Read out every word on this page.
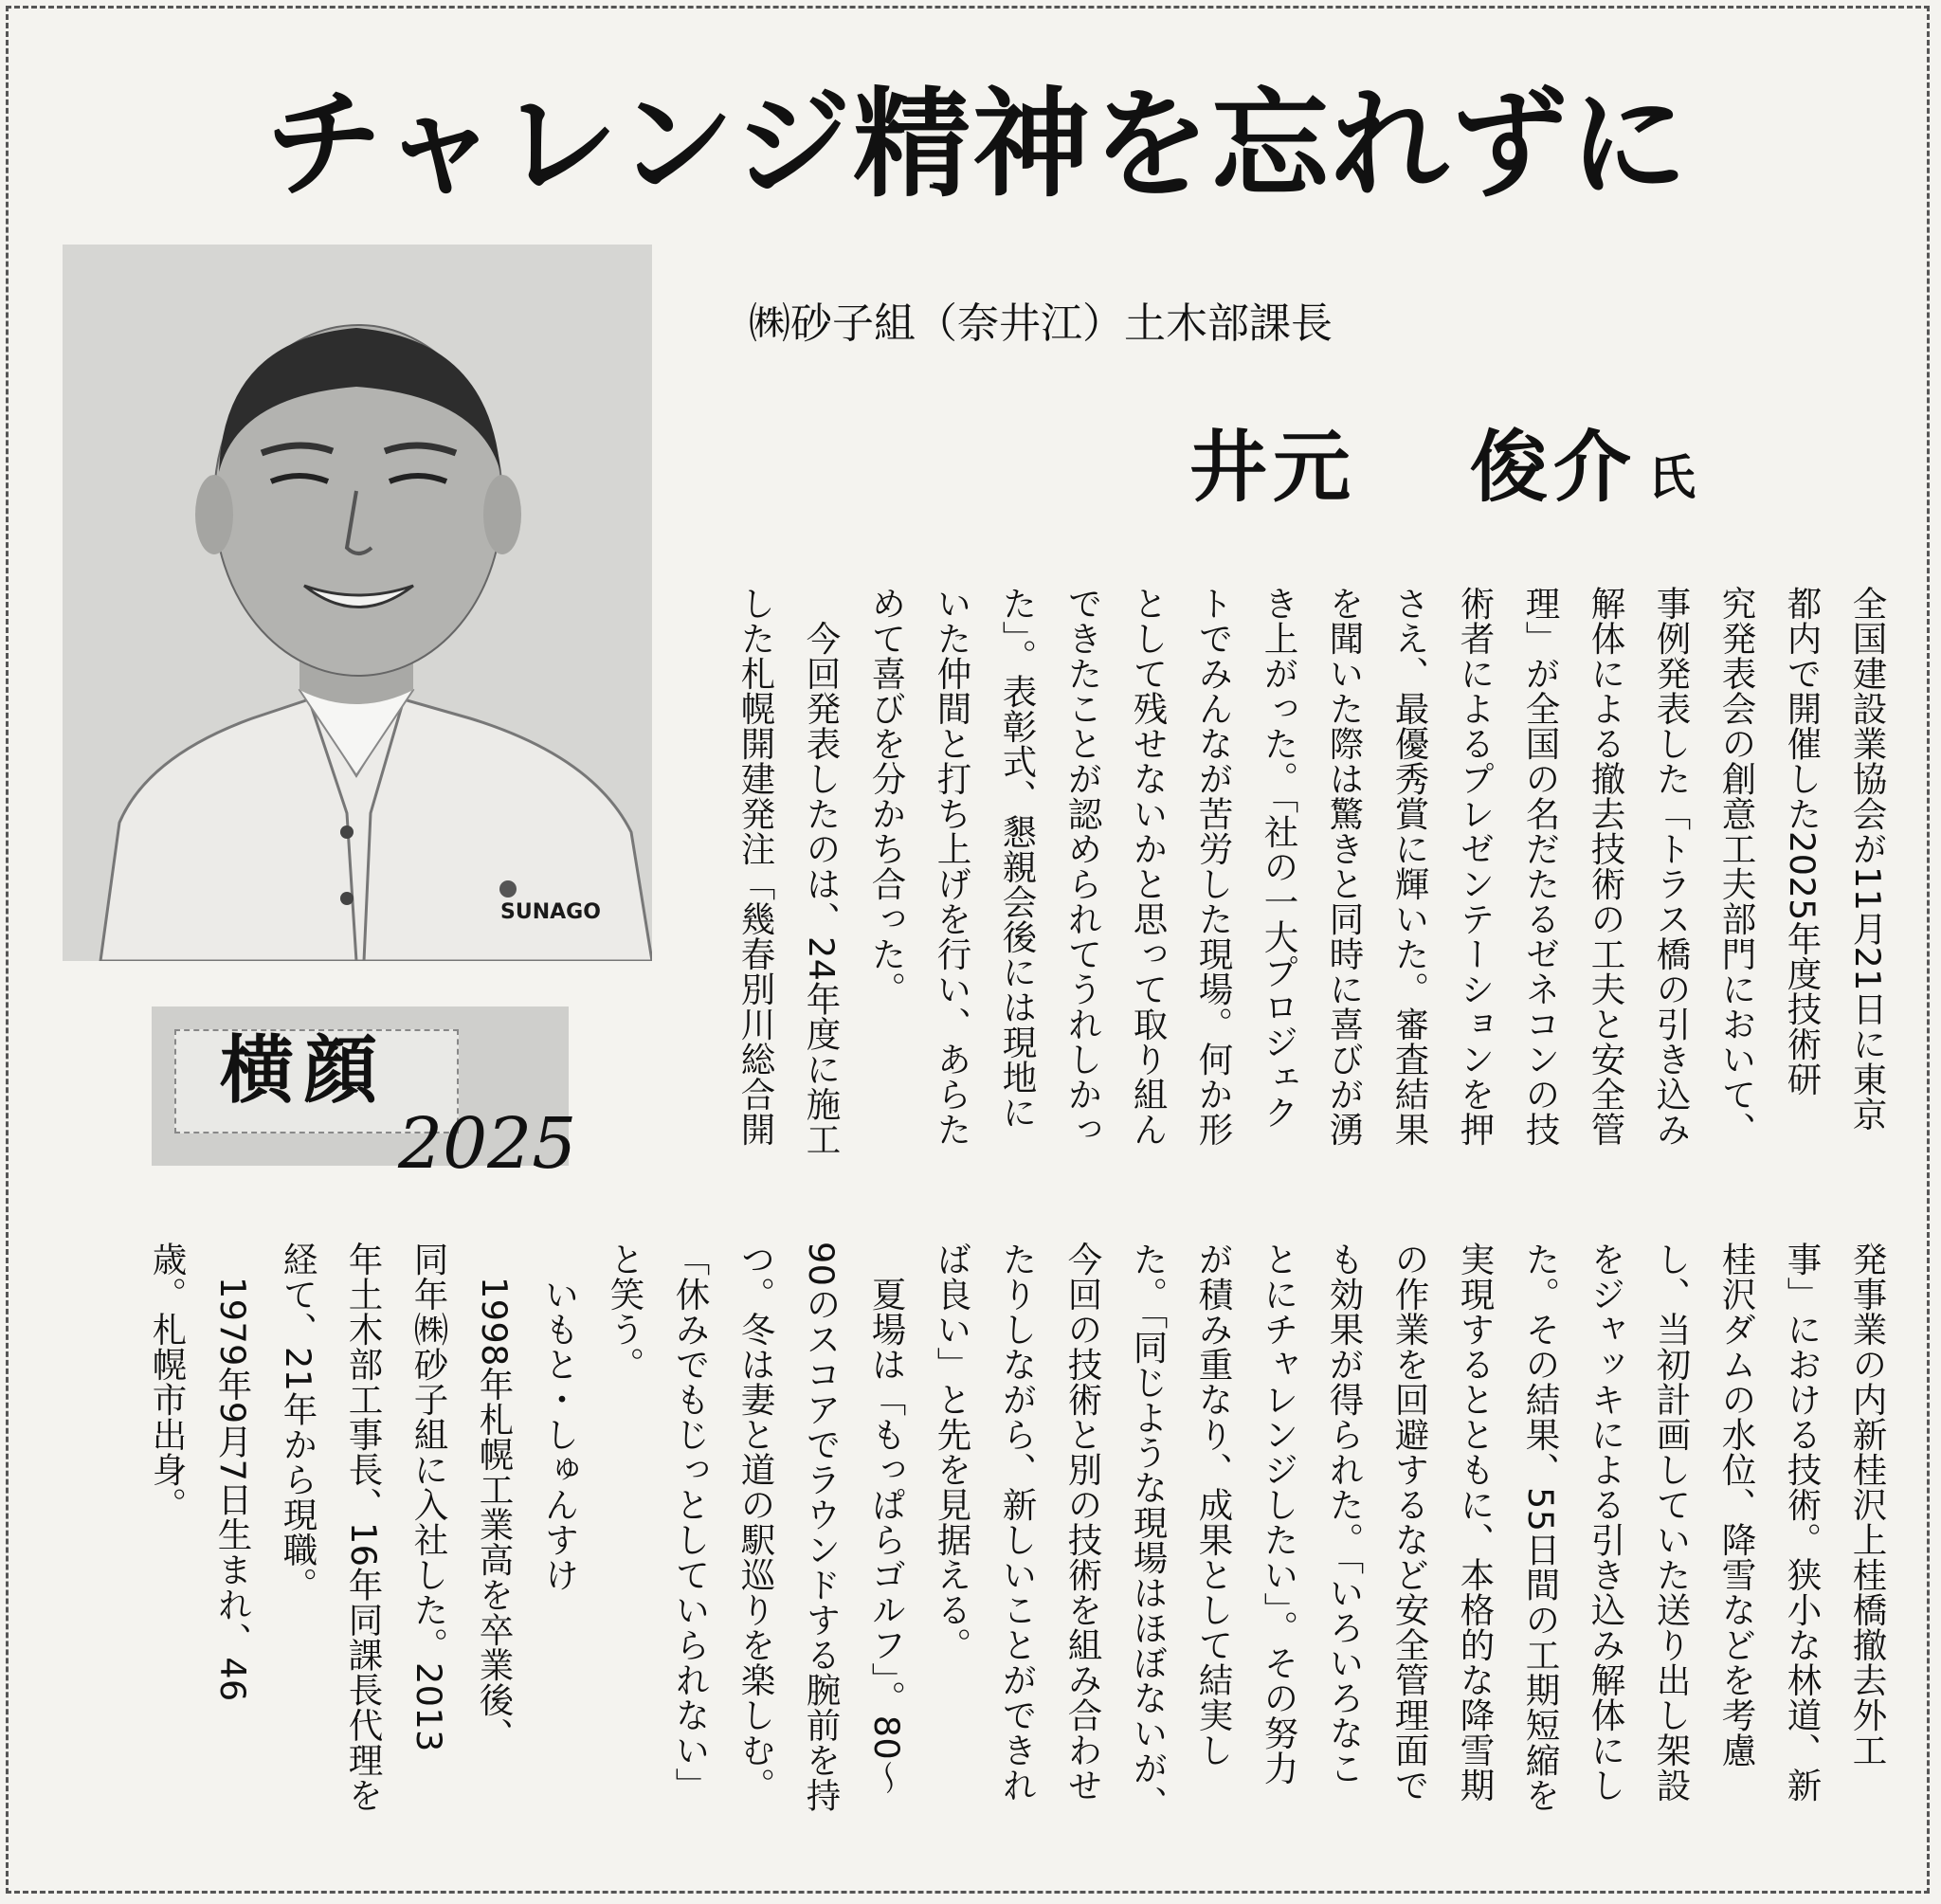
チャレンジ精神を忘れずに
㈱砂子組（奈井江）土木部課長
井元 俊介 氏
SUNAGO
横顔
2025
全国建設業協会が11月21日に東京
都内で開催した2025年度技術研
究発表会の創意工夫部門において、
事例発表した「トラス橋の引き込み
解体による撤去技術の工夫と安全管
理」が全国の名だたるゼネコンの技
術者によるプレゼンテーションを押
さえ、最優秀賞に輝いた。審査結果
を聞いた際は驚きと同時に喜びが湧
き上がった。「社の一大プロジェク
トでみんなが苦労した現場。何か形
として残せないかと思って取り組ん
できたことが認められてうれしかっ
た」。表彰式、懇親会後には現地に
いた仲間と打ち上げを行い、あらた
めて喜びを分かち合った。
　今回発表したのは、24年度に施工
した札幌開建発注「幾春別川総合開
発事業の内新桂沢上桂橋撤去外工
事」における技術。狭小な林道、新
桂沢ダムの水位、降雪などを考慮
し、当初計画していた送り出し架設
をジャッキによる引き込み解体にし
た。その結果、55日間の工期短縮を
実現するとともに、本格的な降雪期
の作業を回避するなど安全管理面で
も効果が得られた。「いろいろなこ
とにチャレンジしたい」。その努力
が積み重なり、成果として結実し
た。「同じような現場はほぼないが、
今回の技術と別の技術を組み合わせ
たりしながら、新しいことができれ
ば良い」と先を見据える。
　夏場は「もっぱらゴルフ」。80～
90のスコアでラウンドする腕前を持
つ。冬は妻と道の駅巡りを楽しむ。
「休みでもじっとしていられない」
と笑う。
　いもと・しゅんすけ
　1998年札幌工業高を卒業後、
同年㈱砂子組に入社した。2013
年土木部工事長、16年同課長代理を
経て、21年から現職。
　1979年9月7日生まれ、46
歳。札幌市出身。
